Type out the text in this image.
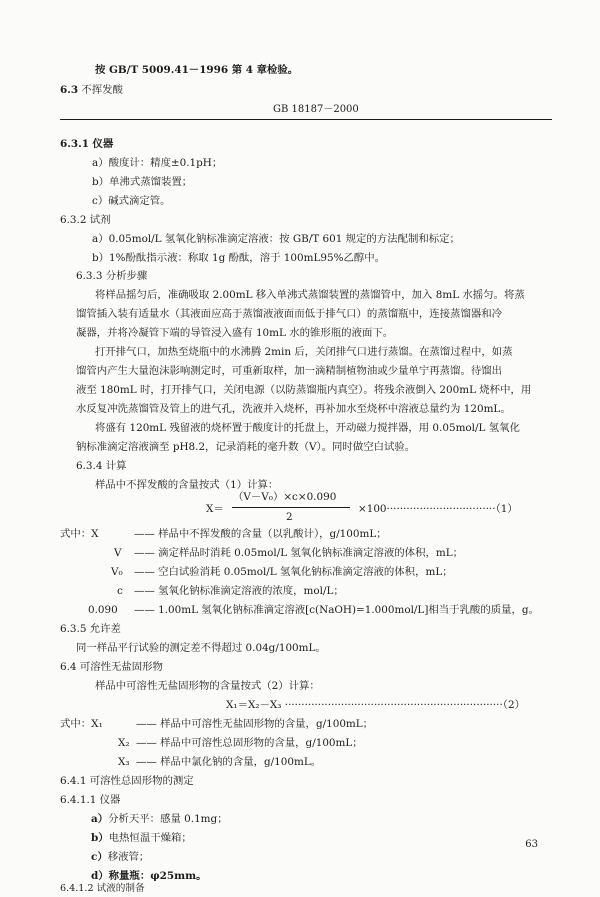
按 GB/T 5009.41－1996 第 4 章检验。
6.3 不挥发酸
GB 18187－2000
6.3.1 仪器
a）酸度计：精度±0.1pH；
b）单沸式蒸馏装置；
c）碱式滴定管。
6.3.2 试剂
a）0.05mol/L 氢氧化钠标准滴定溶液：按 GB/T 601 规定的方法配制和标定；
b）1%酚酞指示液：称取 1g 酚酞，溶于 100mL95%乙醇中。
6.3.3 分析步骤
将样品摇匀后，准确吸取 2.00mL 移入单沸式蒸馏装置的蒸馏管中，加入 8mL 水摇匀。将蒸
馏管插入装有适量水（其液面应高于蒸馏液液面而低于排气口）的蒸馏瓶中，连接蒸馏器和冷
凝器，并将冷凝管下端的导管浸入盛有 10mL 水的锥形瓶的液面下。
打开排气口，加热至烧瓶中的水沸腾 2min 后，关闭排气口进行蒸馏。在蒸馏过程中，如蒸
馏管内产生大量泡沫影响测定时，可重新取样，加一滴精制植物油或少量单宁再蒸馏。待馏出
液至 180mL 时，打开排气口，关闭电源（以防蒸馏瓶内真空）。将残余液倒入 200mL 烧杯中，用
水反复冲洗蒸馏管及管上的进气孔，洗液并入烧杯，再补加水至烧杯中溶液总量约为 120mL。
将盛有 120mL 残留液的烧杯置于酸度计的托盘上，开动磁力搅拌器，用 0.05mol/L 氢氧化
钠标准滴定溶液滴至 pH8.2，记录消耗的毫升数（V）。同时做空白试验。
6.3.4 计算
样品中不挥发酸的含量按式（1）计算：
X＝
（V－V₀）×c×0.090
2
×100·································（1）
式中：X	—— 样品中不挥发酸的含量（以乳酸计），g/100mL；
V —— 滴定样品时消耗 0.05mol/L 氢氧化钠标准滴定溶液的体积，mL；
V₀ —— 空白试验消耗 0.05mol/L 氢氧化钠标准滴定溶液的体积，mL；
c —— 氢氧化钠标准滴定溶液的浓度，mol/L；
0.090 —— 1.00mL 氢氧化钠标准滴定溶液[c(NaOH)=1.000mol/L]相当于乳酸的质量，g。
6.3.5 允许差
同一样品平行试验的测定差不得超过 0.04g/100mL。
6.4 可溶性无盐固形物
样品中可溶性无盐固形物的含量按式（2）计算：
X₁＝X₂－X₃ ··································································（2）
式中：X₁	—— 样品中可溶性无盐固形物的含量，g/100mL；
X₂ —— 样品中可溶性总固形物的含量，g/100mL；
X₃ —— 样品中氯化钠的含量，g/100mL。
6.4.1 可溶性总固形物的测定
6.4.1.1 仪器
a）分析天平：感量 0.1mg；
b）电热恒温干燥箱；
c）移液管；
d）称量瓶：φ25mm。
6.4.1.2 试液的制备
63
